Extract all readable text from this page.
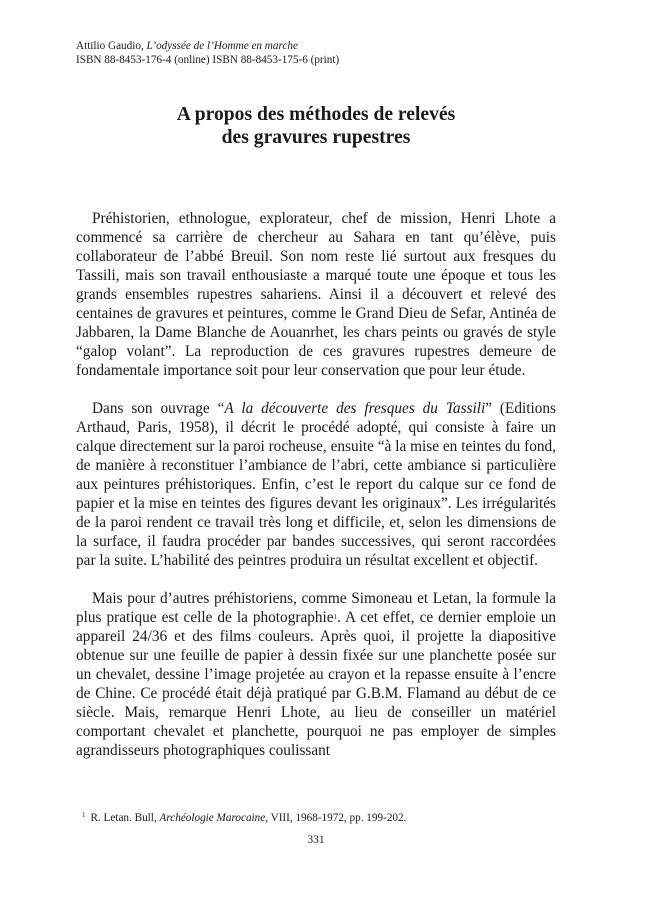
Attilio Gaudio, L’odyssée de l’Homme en marche
ISBN 88-8453-176-4 (online) ISBN 88-8453-175-6 (print)
A propos des méthodes de relevés
des gravures rupestres

Préhistorien, ethnologue, explorateur, chef de mission, Henri Lhote a commencé sa carrière de chercheur au Sahara en tant qu’élève, puis collaborateur de l’abbé Breuil. Son nom reste lié surtout aux fresques du Tassili, mais son travail enthousiaste a marqué toute une époque et tous les grands ensembles rupestres sahariens. Ainsi il a découvert et relevé des centaines de gravures et peintures, comme le Grand Dieu de Sefar, Antinéa de Jabbaren, la Dame Blanche de Aouanrhet, les chars peints ou gravés de style “galop volant”. La reproduction de ces gravures rupestres demeure de fondamentale importance soit pour leur conservation que pour leur étude.

Dans son ouvrage “A la découverte des fresques du Tassili” (Editions Arthaud, Paris, 1958), il décrit le procédé adopté, qui consiste à faire un calque directement sur la paroi rocheuse, ensuite “à la mise en teintes du fond, de manière à reconstituer l’ambiance de l’abri, cette ambiance si particulière aux peintures préhistoriques. Enfin, c’est le report du calque sur ce fond de papier et la mise en teintes des figures devant les originaux”. Les irrégularités de la paroi rendent ce travail très long et difficile, et, selon les dimensions de la surface, il faudra procéder par bandes successives, qui seront raccordées par la suite. L’habilité des peintres produira un résultat excellent et objectif.

Mais pour d’autres préhistoriens, comme Simoneau et Letan, la formule la plus pratique est celle de la photographie$^1$. A cet effet, ce dernier emploie un appareil 24/36 et des films couleurs. Après quoi, il projette la diapositive obtenue sur une feuille de papier à dessin fixée sur une planchette posée sur un chevalet, dessine l’image projetée au crayon et la repasse ensuite à l’encre de Chine. Ce procédé était déjà pratiqué par G.B.M. Flamand au début de ce siècle. Mais, remarque Henri Lhote, au lieu de conseiller un matériel comportant chevalet et planchette, pourquoi ne pas employer de simples agrandisseurs photographiques coulissant

$^1$ R. Letan. Bull, Archéologie Marocaine, VIII, 1968-1972, pp. 199-202.
331
